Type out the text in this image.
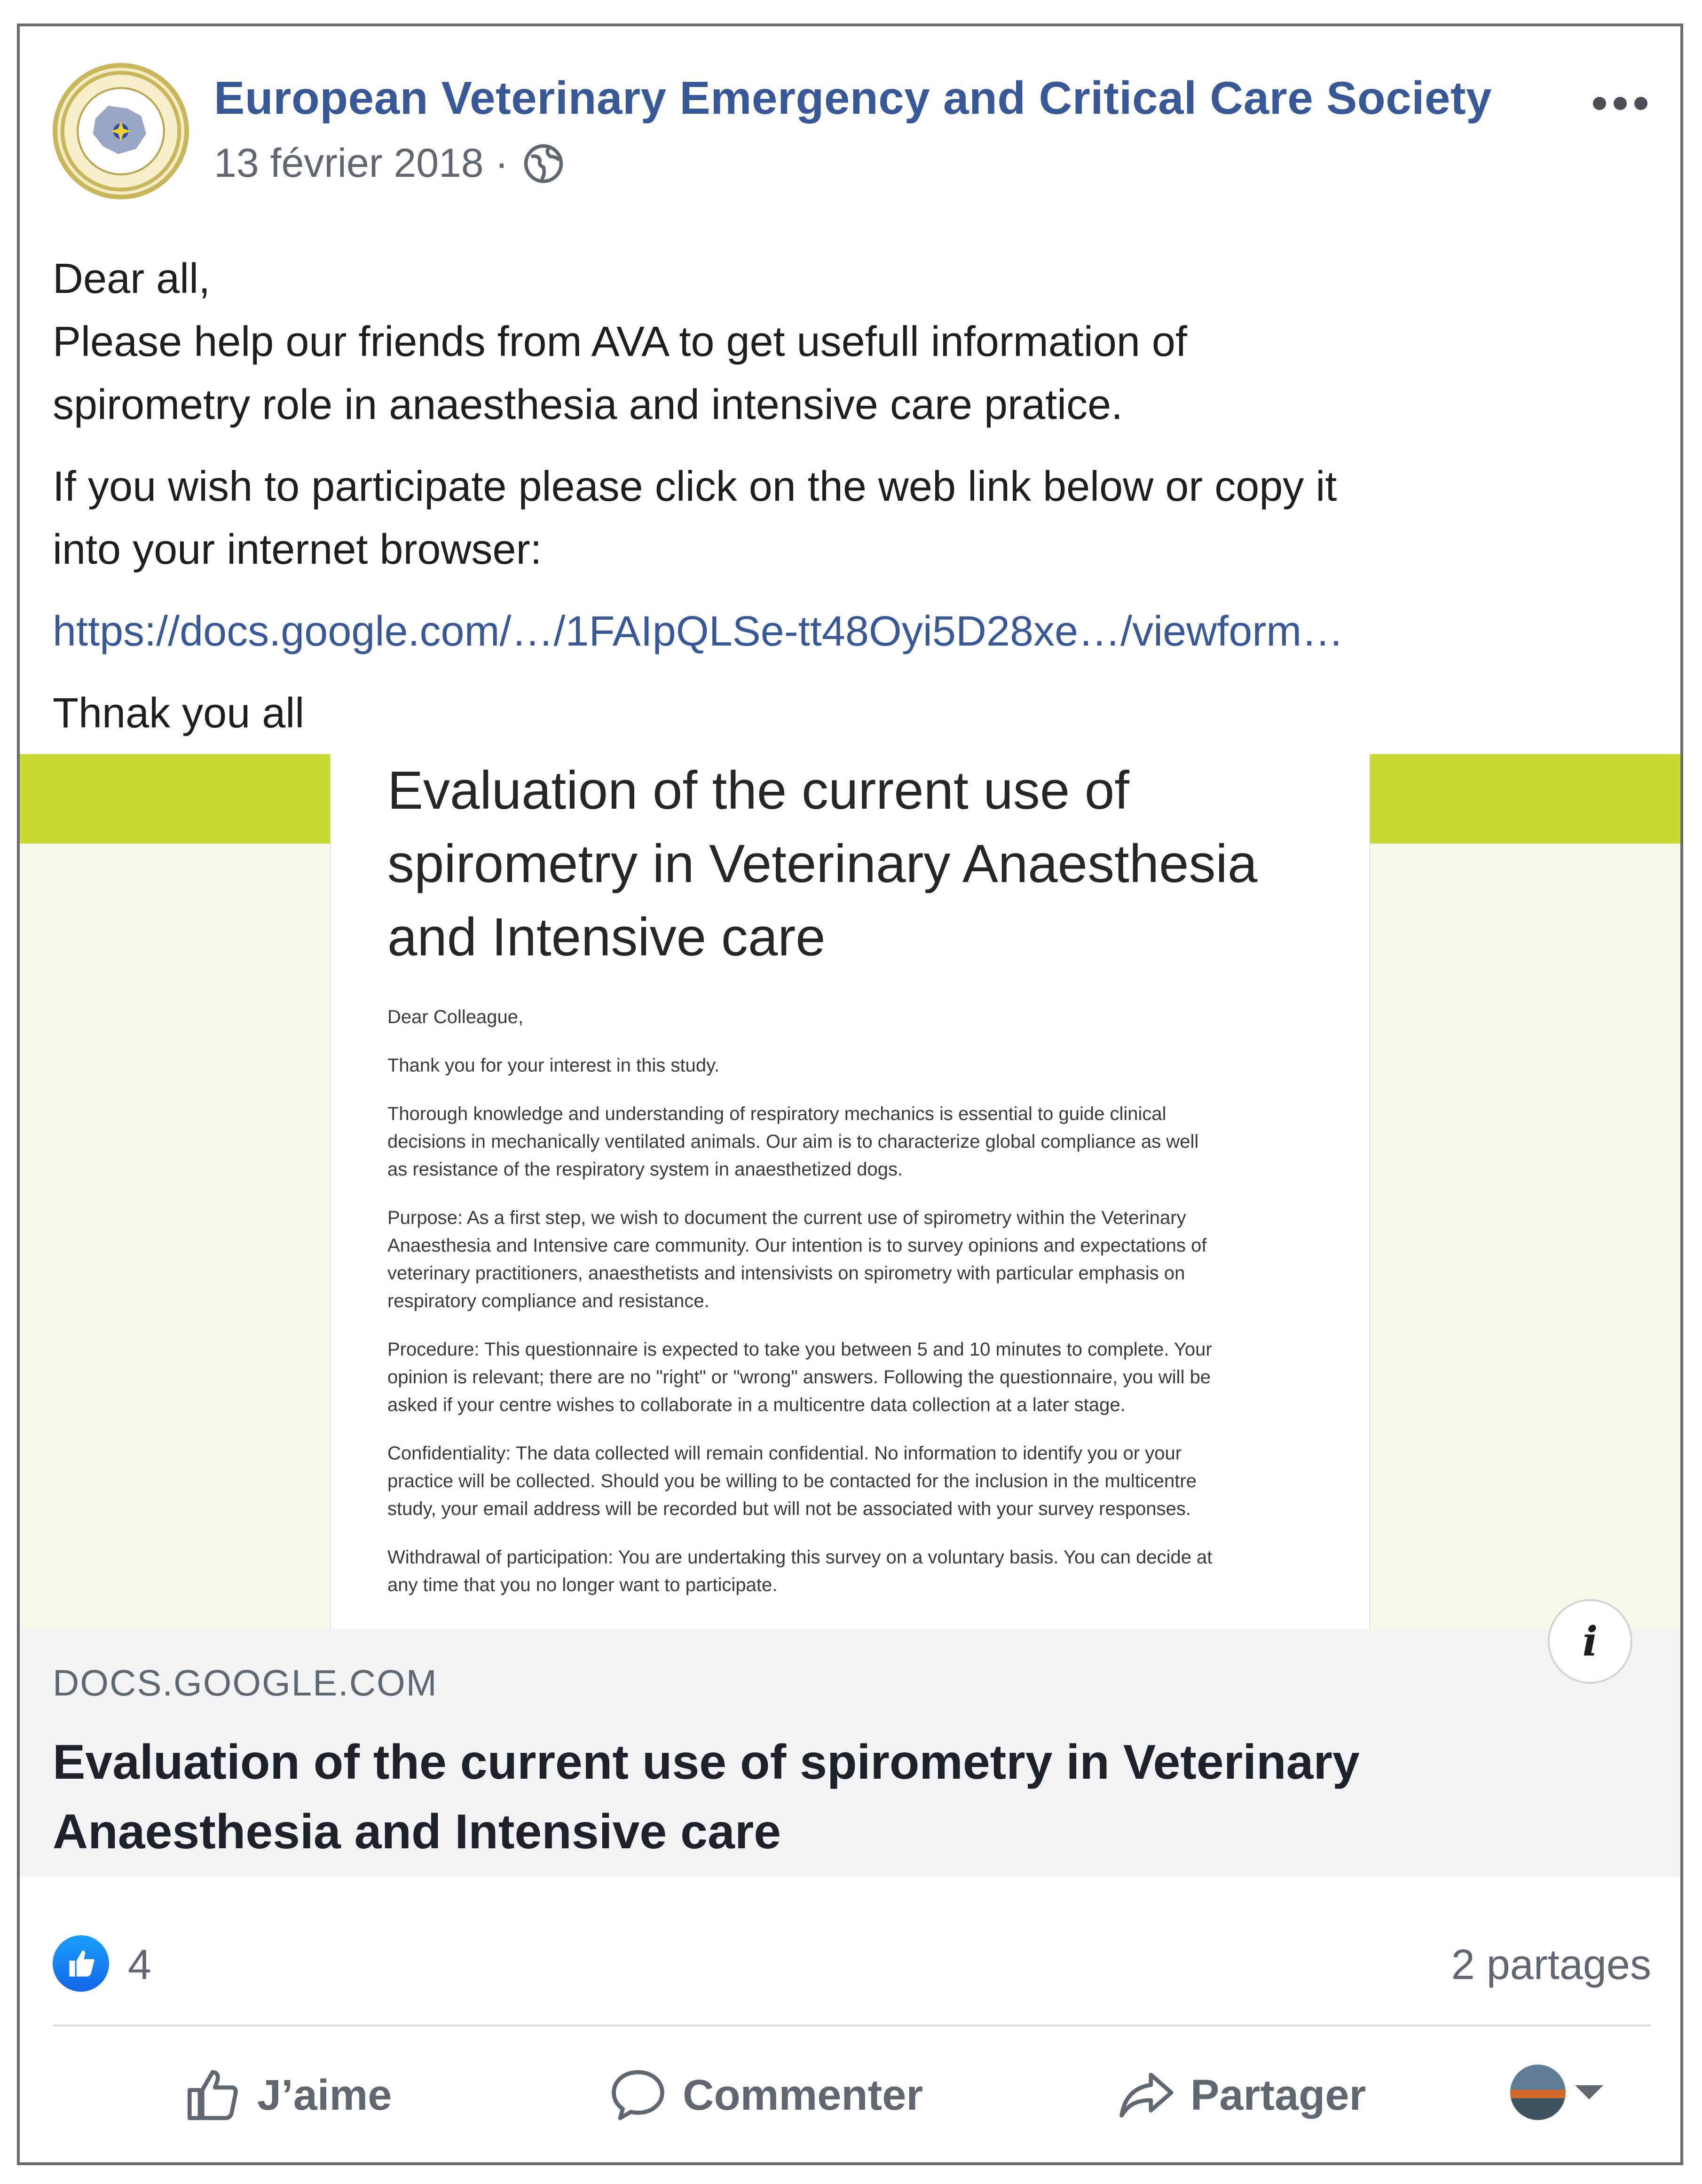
European Veterinary Emergency and Critical Care Society
13 février 2018 ·

Dear all,

Please help our friends from AVA to get usefull information of

spirometry role in anaesthesia and intensive care pratice.

If you wish to participate please click on the web link below or copy it

into your internet browser:

https://docs.google.com/…/1FAIpQLSe-tt48Oyi5D28xe…/viewform…

Thnak you all

Evaluation of the current use of
spirometry in Veterinary Anaesthesia
and Intensive care

Dear Colleague,

Thank you for your interest in this study.

Thorough knowledge and understanding of respiratory mechanics is essential to guide clinical
decisions in mechanically ventilated animals. Our aim is to characterize global compliance as well
as resistance of the respiratory system in anaesthetized dogs.

Purpose: As a first step, we wish to document the current use of spirometry within the Veterinary
Anaesthesia and Intensive care community. Our intention is to survey opinions and expectations of
veterinary practitioners, anaesthetists and intensivists on spirometry with particular emphasis on
respiratory compliance and resistance.

Procedure: This questionnaire is expected to take you between 5 and 10 minutes to complete. Your
opinion is relevant; there are no "right" or "wrong" answers. Following the questionnaire, you will be
asked if your centre wishes to collaborate in a multicentre data collection at a later stage.

Confidentiality: The data collected will remain confidential. No information to identify you or your
practice will be collected. Should you be willing to be contacted for the inclusion in the multicentre
study, your email address will be recorded but will not be associated with your survey responses.

Withdrawal of participation: You are undertaking this survey on a voluntary basis. You can decide at
any time that you no longer want to participate.

i
DOCS.GOOGLE.COM
Evaluation of the current use of spirometry in Veterinary
Anaesthesia and Intensive care
4	2 partages
J’aime	Commenter	Partager
